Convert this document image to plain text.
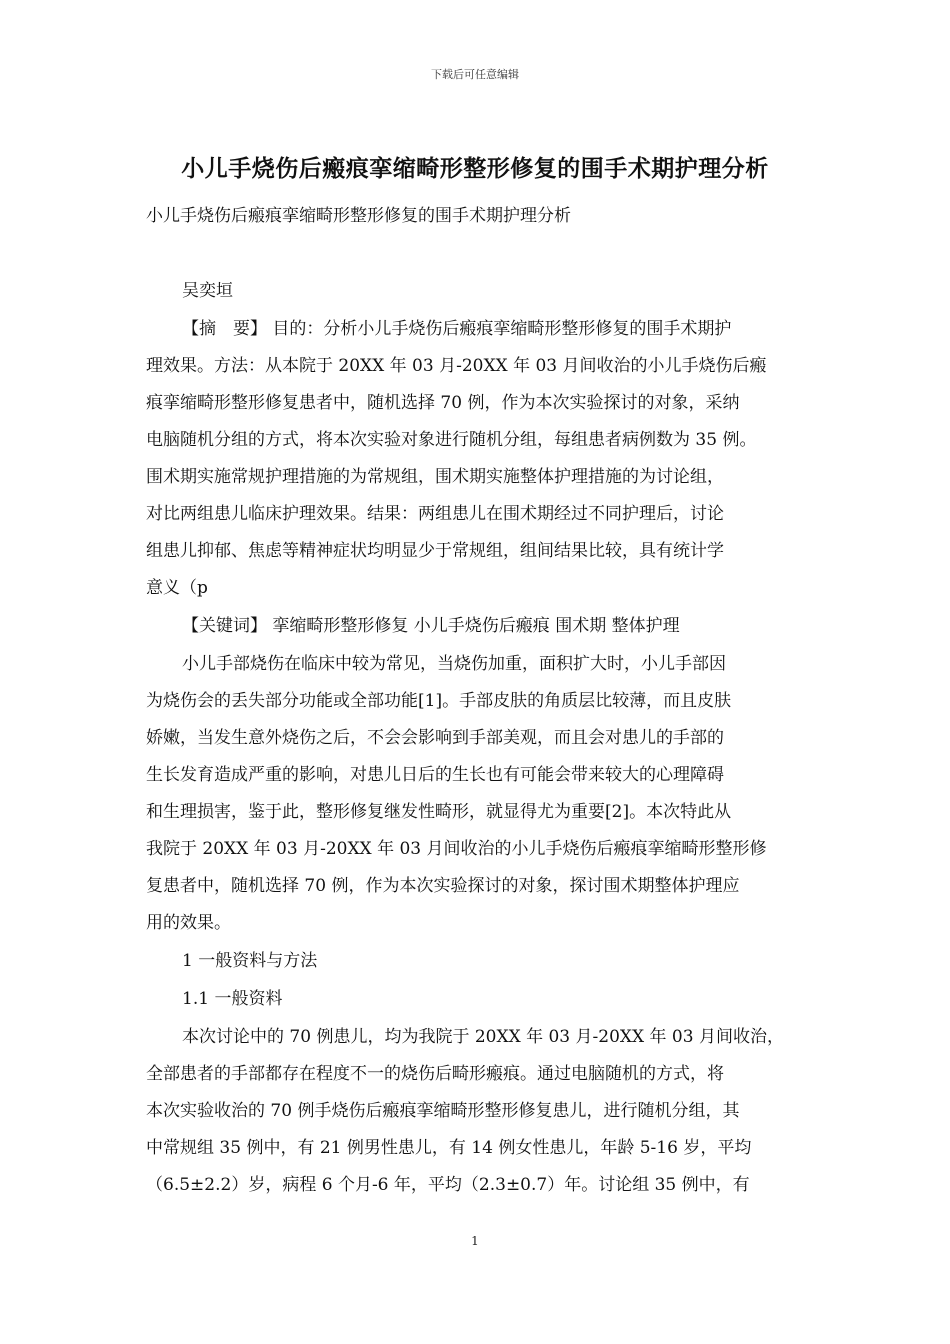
下载后可任意编辑
小儿手烧伤后瘢痕挛缩畸形整形修复的围手术期护理分析

小儿手烧伤后瘢痕挛缩畸形整形修复的围手术期护理分析

吴奕垣

【摘　要】 目的：分析小儿手烧伤后瘢痕挛缩畸形整形修复的围手术期护

理效果。方法：从本院于 20XX 年 03 月-20XX 年 03 月间收治的小儿手烧伤后瘢

痕挛缩畸形整形修复患者中，随机选择 70 例，作为本次实验探讨的对象，采纳

电脑随机分组的方式，将本次实验对象进行随机分组，每组患者病例数为 35 例。

围术期实施常规护理措施的为常规组，围术期实施整体护理措施的为讨论组，

对比两组患儿临床护理效果。结果：两组患儿在围术期经过不同护理后，讨论

组患儿抑郁、焦虑等精神症状均明显少于常规组，组间结果比较，具有统计学

意义（p

【关键词】 挛缩畸形整形修复 小儿手烧伤后瘢痕 围术期 整体护理

小儿手部烧伤在临床中较为常见，当烧伤加重，面积扩大时，小儿手部因

为烧伤会的丢失部分功能或全部功能[1]。手部皮肤的角质层比较薄，而且皮肤

娇嫩，当发生意外烧伤之后，不会会影响到手部美观，而且会对患儿的手部的

生长发育造成严重的影响，对患儿日后的生长也有可能会带来较大的心理障碍

和生理损害，鉴于此，整形修复继发性畸形，就显得尤为重要[2]。本次特此从

我院于 20XX 年 03 月-20XX 年 03 月间收治的小儿手烧伤后瘢痕挛缩畸形整形修

复患者中，随机选择 70 例，作为本次实验探讨的对象，探讨围术期整体护理应

用的效果。

1 一般资料与方法

1.1 一般资料

本次讨论中的 70 例患儿，均为我院于 20XX 年 03 月-20XX 年 03 月间收治，

全部患者的手部都存在程度不一的烧伤后畸形瘢痕。通过电脑随机的方式，将

本次实验收治的 70 例手烧伤后瘢痕挛缩畸形整形修复患儿，进行随机分组，其

中常规组 35 例中，有 21 例男性患儿，有 14 例女性患儿，年龄 5-16 岁，平均

（6.5±2.2）岁，病程 6 个月-6 年，平均（2.3±0.7）年。讨论组 35 例中，有

1
